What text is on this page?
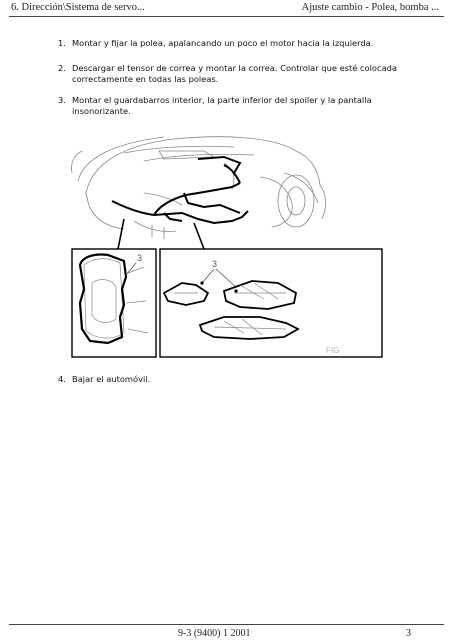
6. Dirección\Sistema de servo...	Ajuste cambio - Polea, bomba ...
1. Montar y fijar la polea, apalancando un poco el motor hacia la izquierda.
2. Descargar el tensor de correa y montar la correa. Controlar que esté colocada
correctamente en todas las poleas.
3. Montar el guardabarros interior, la parte inferior del spoiler y la pantalla
insonorizante.
4. Bajar el automóvil.
3
3
FIG
9-3 (9400) 1 2001	3
